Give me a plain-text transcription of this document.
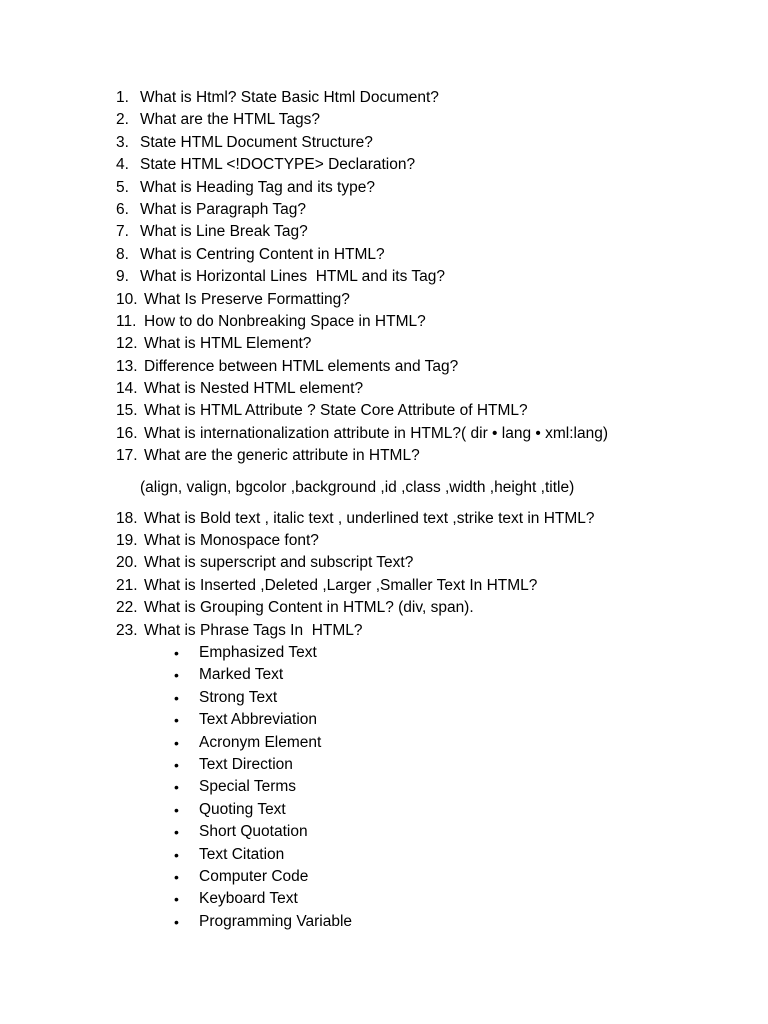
1. What is Html? State Basic Html Document?
2. What are the HTML Tags?
3. State HTML Document Structure?
4. State HTML <!DOCTYPE> Declaration?
5. What is Heading Tag and its type?
6. What is Paragraph Tag?
7. What is Line Break Tag?
8. What is Centring Content in HTML?
9. What is Horizontal Lines  HTML and its Tag?
10. What Is Preserve Formatting?
11. How to do Nonbreaking Space in HTML?
12. What is HTML Element?
13. Difference between HTML elements and Tag?
14. What is Nested HTML element?
15. What is HTML Attribute ? State Core Attribute of HTML?
16. What is internationalization attribute in HTML?( dir • lang • xml:lang)
17. What are the generic attribute in HTML?
(align, valign, bgcolor ,background ,id ,class ,width ,height ,title)
18. What is Bold text , italic text , underlined text ,strike text in HTML?
19. What is Monospace font?
20. What is superscript and subscript Text?
21. What is Inserted ,Deleted ,Larger ,Smaller Text In HTML?
22. What is Grouping Content in HTML? (div, span).
23. What is Phrase Tags In  HTML?
•	Emphasized Text
•	Marked Text
•	Strong Text
•	Text Abbreviation
•	Acronym Element
•	Text Direction
•	Special Terms
•	Quoting Text
•	Short Quotation
•	Text Citation
•	Computer Code
•	Keyboard Text
•	Programming Variable
